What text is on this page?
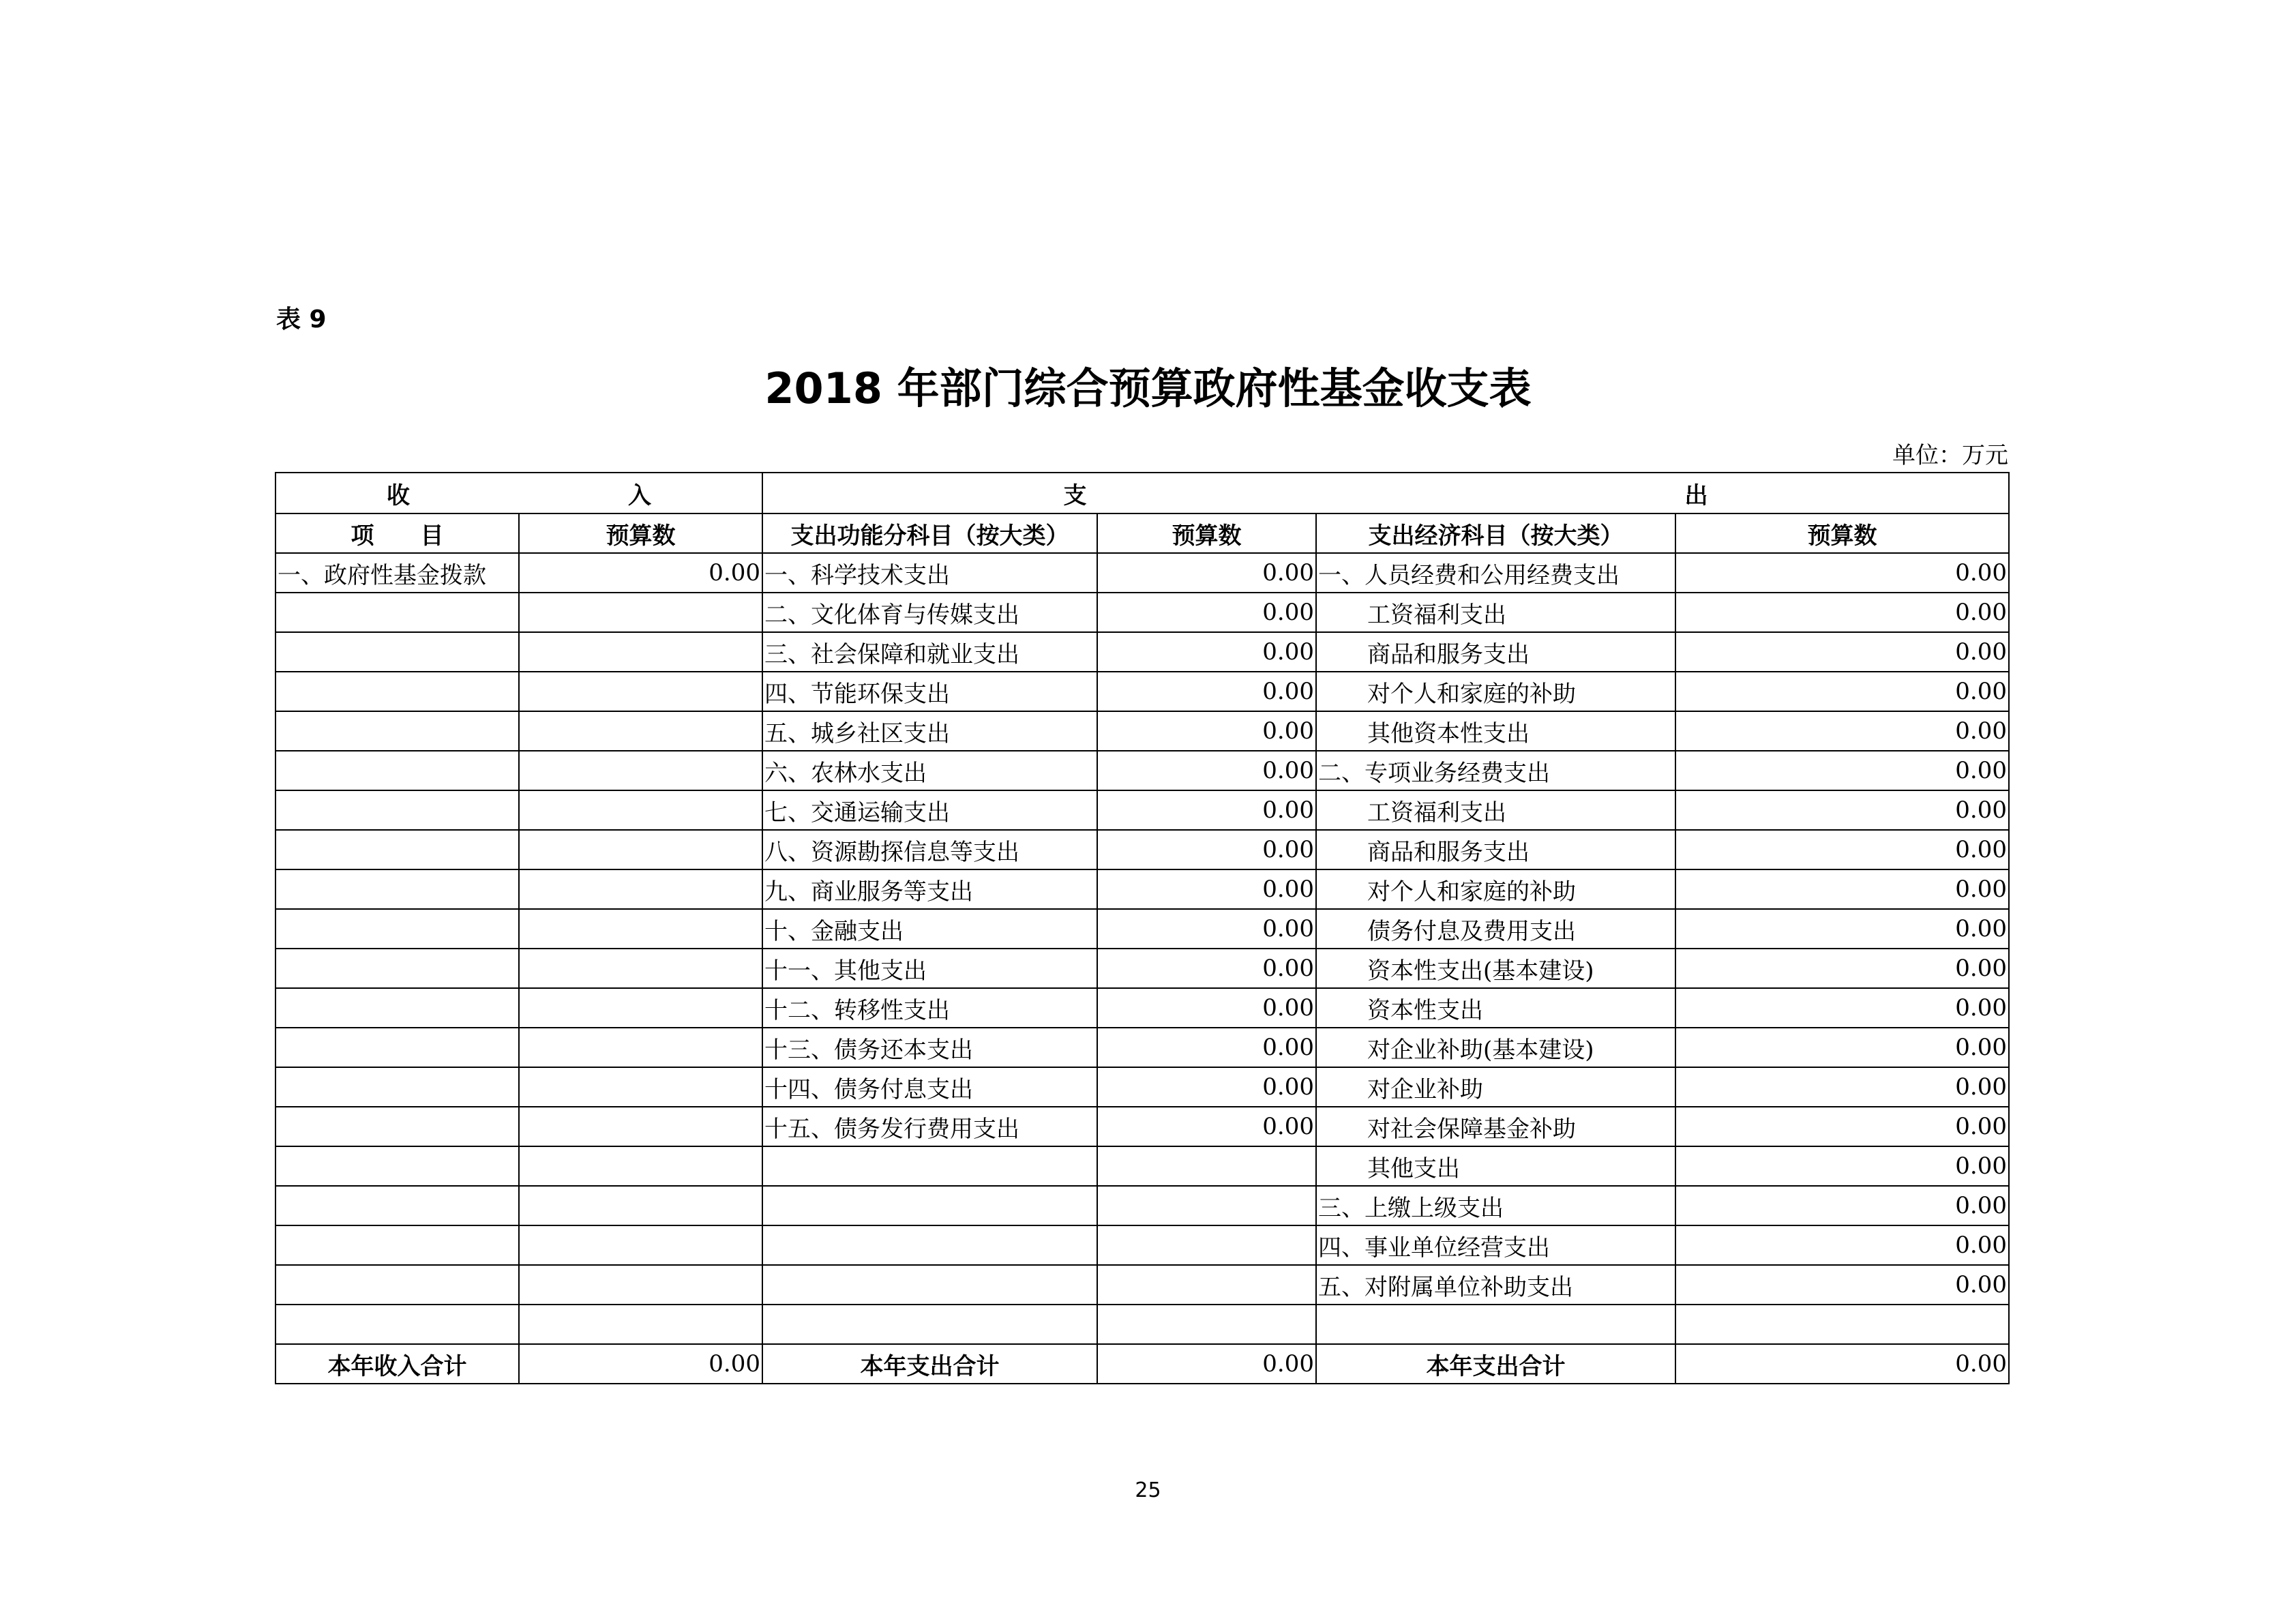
表 9
2018 年部门综合预算政府性基金收支表
单位：万元
收 入		支 出			

项　　目	预算数	支出功能分科目（按大类）	预算数	支出经济科目（按大类）	预算数
一、政府性基金拨款	0.00	一、科学技术支出	0.00	一、人员经费和公用经费支出	0.00
		二、文化体育与传媒支出	0.00	工资福利支出	0.00
		三、社会保障和就业支出	0.00	商品和服务支出	0.00
		四、节能环保支出	0.00	对个人和家庭的补助	0.00
		五、城乡社区支出	0.00	其他资本性支出	0.00
		六、农林水支出	0.00	二、专项业务经费支出	0.00
		七、交通运输支出	0.00	工资福利支出	0.00
		八、资源勘探信息等支出	0.00	商品和服务支出	0.00
		九、商业服务等支出	0.00	对个人和家庭的补助	0.00
		十、金融支出	0.00	债务付息及费用支出	0.00
		十一、其他支出	0.00	资本性支出(基本建设)	0.00
		十二、转移性支出	0.00	资本性支出	0.00
		十三、债务还本支出	0.00	对企业补助(基本建设)	0.00
		十四、债务付息支出	0.00	对企业补助	0.00
		十五、债务发行费用支出	0.00	对社会保障基金补助	0.00
				其他支出	0.00
				三、上缴上级支出	0.00
				四、事业单位经营支出	0.00
				五、对附属单位补助支出	0.00

本年收入合计	0.00	本年支出合计	0.00	本年支出合计	0.00
25
